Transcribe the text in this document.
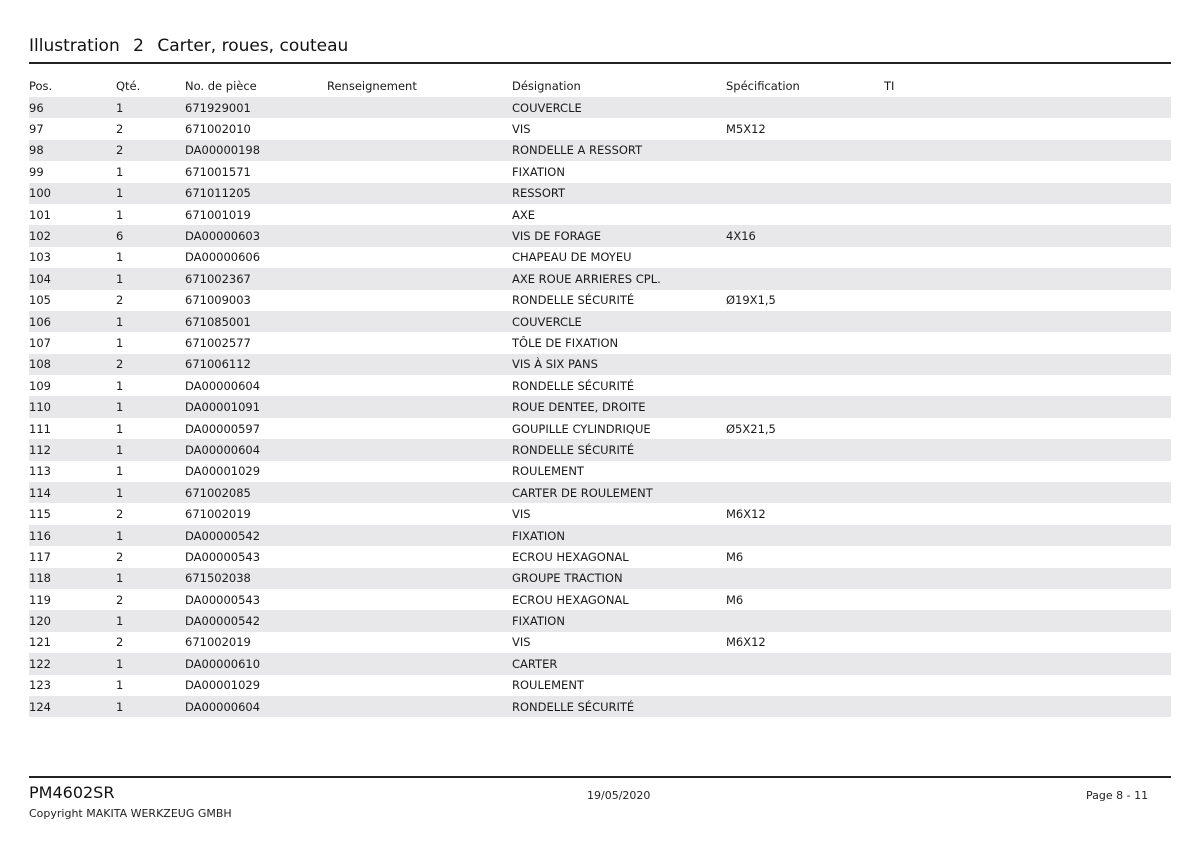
Illustration 2 Carter, roues, couteau
Pos.	Qté.	No. de pièce	Renseignement	Désignation	Spécification	TI
96	1	671929001		COUVERCLE		
97	2	671002010		VIS	M5X12	
98	2	DA00000198		RONDELLE A RESSORT		
99	1	671001571		FIXATION		
100	1	671011205		RESSORT		
101	1	671001019		AXE		
102	6	DA00000603		VIS DE FORAGE	4X16	
103	1	DA00000606		CHAPEAU DE MOYEU		
104	1	671002367		AXE ROUE ARRIERES CPL.		
105	2	671009003		RONDELLE SÉCURITÉ	Ø19X1,5	
106	1	671085001		COUVERCLE		
107	1	671002577		TÔLE DE FIXATION		
108	2	671006112		VIS À SIX PANS		
109	1	DA00000604		RONDELLE SÉCURITÉ		
110	1	DA00001091		ROUE DENTEE, DROITE		
111	1	DA00000597		GOUPILLE CYLINDRIQUE	Ø5X21,5	
112	1	DA00000604		RONDELLE SÉCURITÉ		
113	1	DA00001029		ROULEMENT		
114	1	671002085		CARTER DE ROULEMENT		
115	2	671002019		VIS	M6X12	
116	1	DA00000542		FIXATION		
117	2	DA00000543		ECROU HEXAGONAL	M6	
118	1	671502038		GROUPE TRACTION		
119	2	DA00000543		ECROU HEXAGONAL	M6	
120	1	DA00000542		FIXATION		
121	2	671002019		VIS	M6X12	
122	1	DA00000610		CARTER		
123	1	DA00001029		ROULEMENT		
124	1	DA00000604		RONDELLE SÉCURITÉ		
PM4602SR
Copyright MAKITA WERKZEUG GMBH
19/05/2020	Page 8 - 11
